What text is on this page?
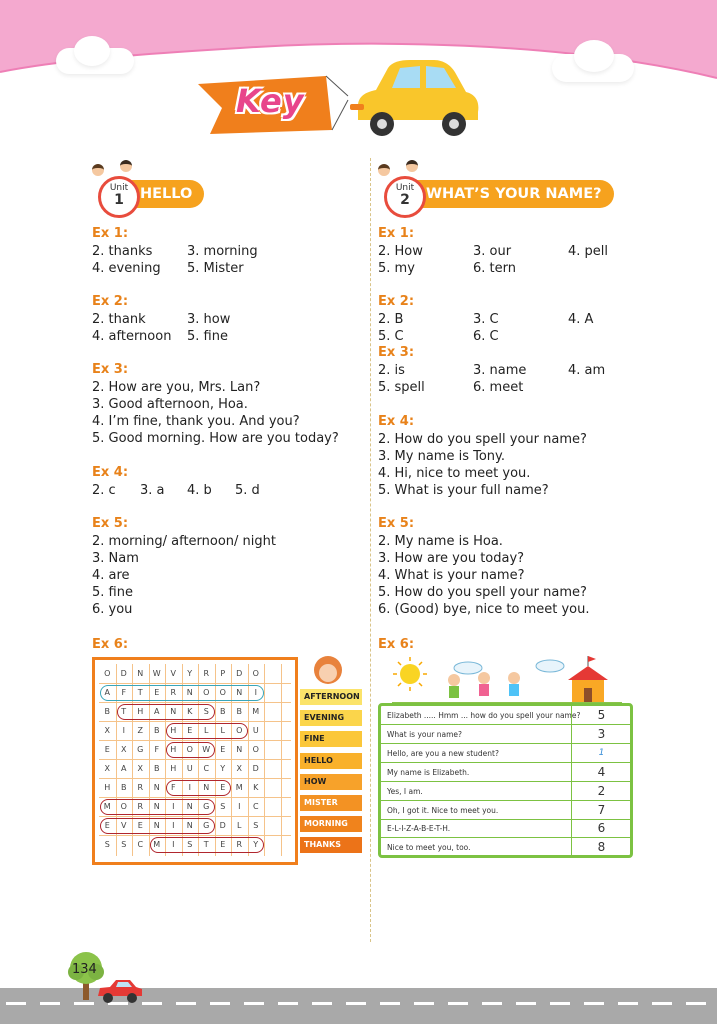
Key
HELLO
Unit
1
Ex 1:
2. thanks	3. morning
4. evening 5. Mister
Ex 2:
2. thank	3. how
4. afternoon 5. fine
Ex 3:
2. How are you, Mrs. Lan?
3. Good afternoon, Hoa.
4. I’m fine, thank you. And you?
5. Good morning. How are you today?
Ex 4:
2. c 3. a 4. b 5. d
Ex 5:
2. morning/ afternoon/ night
3. Nam
4. are
5. fine
6. you
Ex 6:
O	D	N	W	V	Y	R	P	D	O
A	F	T	E	R	N	O	O	N	I
B	T	H	A	N	K	S	B	B	M
X	I	Z	B	H	E	L	L	O	U
E	X	G	F	H	O	W	E	N	O
X	A	X	B	H	U	C	Y	X	D
H	B	R	N	F	I	N	E	M	K
M	O	R	N	I	N	G	S	I	C
E	V	E	N	I	N	G	D	L	S
S	S	C	M	I	S	T	E	R	Y
AFTERNOON
EVENING
FINE
HELLO
HOW
MISTER
MORNING
THANKS
WHAT’S YOUR NAME?
Unit
2
Ex 1:
2. How	3. our	4. pell
5. my	6. tern
Ex 2:
2. B	3. C	4. A
5. C	6. C
Ex 3:
2. is	3. name	4. am
5. spell	6. meet
Ex 4:
2. How do you spell your name?
3. My name is Tony.
4. Hi, nice to meet you.
5. What is your full name?
Ex 5:
2. My name is Hoa.
3. How are you today?
4. What is your name?
5. How do you spell your name?
6. (Good) bye, nice to meet you.
Ex 6:
Elizabeth ..... Hmm ... how do you spell your name?	5
What is your name?	3
Hello, are you a new student?	1
My name is Elizabeth.	4
Yes, I am.	2
Oh, I got it. Nice to meet you.	7
E-L-I-Z-A-B-E-T-H.	6
Nice to meet you, too.	8
134
